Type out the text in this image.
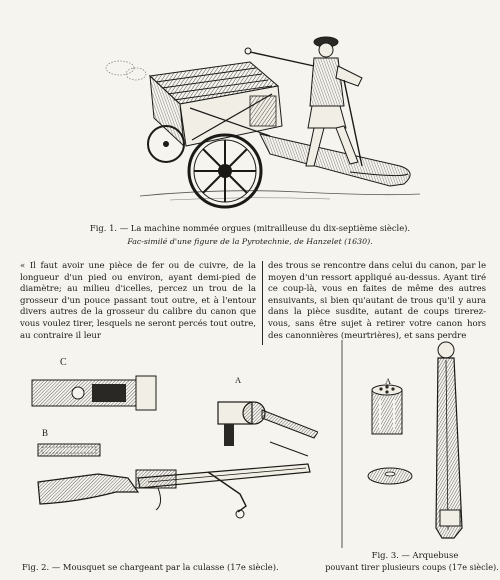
Fig. 1. — La machine nommée orgues (mitrailleuse du dix-septième siècle).
Fac-similé d'une figure de la Pyrotechnie, de Hanzelet (1630).
« Il faut avoir une pièce de fer ou de cuivre, de la longueur d'un pied ou environ, ayant demi-pied de diamètre; au milieu d'icelles, percez un trou de la grosseur d'un pouce passant tout outre, et à l'entour divers autres de la grosseur du calibre du canon que vous voulez tirer, lesquels ne seront percés tout outre, au contraire il leur
des trous se rencontre dans celui du canon, par le moyen d'un ressort appliqué au-dessus. Ayant tiré ce coup-là, vous en faites de même des autres ensuivants, si bien qu'autant de trous qu'il y aura dans la pièce susdite, autant de coups tirerez-vous, sans être sujet à retirer votre canon hors des canonnières (meurtrières), et sans perdre
C
B
A
Fig. 2. — Mousquet se chargeant par la culasse (17e siècle).
A
Fig. 3. — Arquebuse
pouvant tirer plusieurs coups (17e siècle).
